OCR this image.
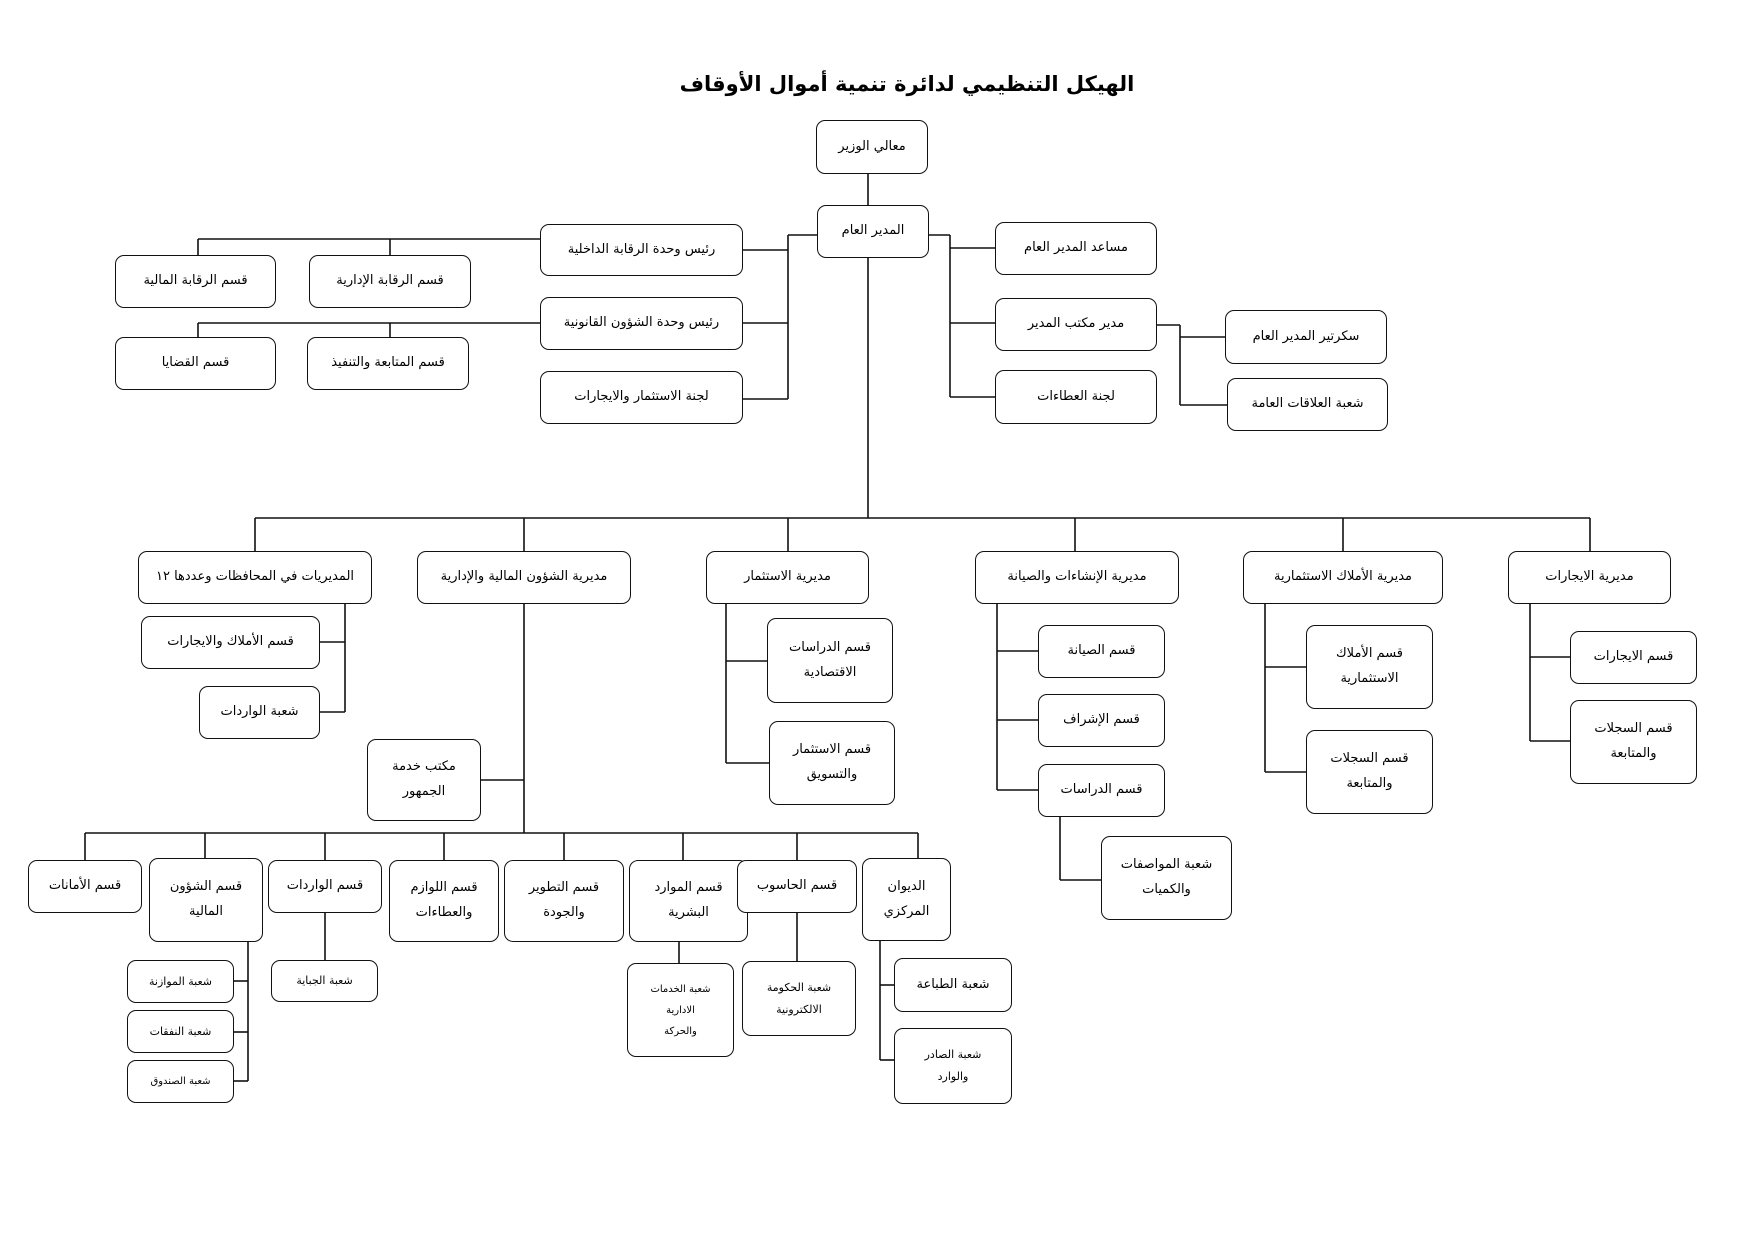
الهيكل التنظيمي لدائرة تنمية أموال الأوقاف
معالي الوزير
المدير العام
رئيس وحدة الرقابة الداخلية
قسم الرقابة المالية	قسم الرقابة الإدارية
رئيس وحدة الشؤون القانونية
قسم القضايا	قسم المتابعة والتنفيذ
لجنة الاستثمار والايجارات
مساعد المدير العام
مدير مكتب المدير
لجنة العطاءات
سكرتير المدير العام
شعبة العلاقات العامة
المديريات في المحافظات وعددها ١٢
قسم الأملاك والايجارات
شعبة الواردات
مديرية الشؤون المالية والإدارية
مكتب خدمة
الجمهور
مديرية الاستثمار
قسم الدراسات
الاقتصادية
قسم الاستثمار
والتسويق
مديرية الإنشاءات والصيانة
قسم الصيانة
قسم الإشراف
قسم الدراسات
شعبة المواصفات
والكميات
مديرية الأملاك الاستثمارية
قسم الأملاك
الاستثمارية
قسم السجلات
والمتابعة
مديرية الايجارات
قسم الايجارات
قسم السجلات
والمتابعة
قسم الأمانات	قسم الشؤون
المالية
قسم الواردات	قسم اللوازم
والعطاءات
قسم التطوير
والجودة
قسم الموارد
البشرية
قسم الحاسوب	الديوان
المركزي
شعبة الموازنة
شعبة النفقات
شعبة الصندوق
شعبة الجباية
شعبة الخدمات
الادارية
والحركة
شعبة الحكومة
الالكترونية
شعبة الطباعة
شعبة الصادر
والوارد
